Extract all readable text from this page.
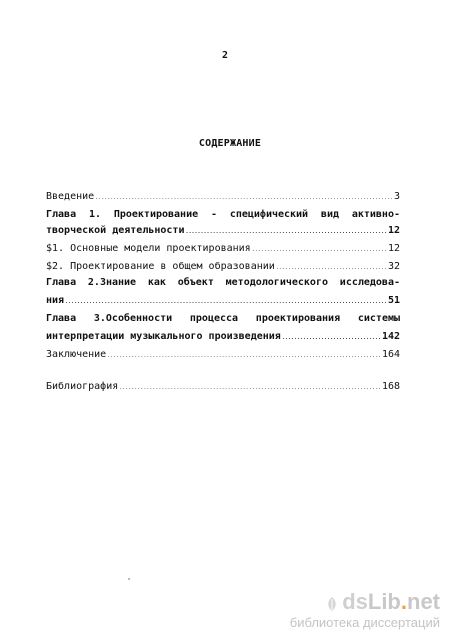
2
СОДЕРЖАНИЕ
Введение .....	3
Глава 1. Проектирование - специфический вид активно-
творческой деятельности .....	12
$1. Основные модели проектирования .....	12
$2. Проектирование в общем образовании .....	32
Глава 2.Знание как объект методологического исследова-
ния .....	51
Глава 3.Особенности процесса проектирования системы
интерпретации музыкального произведения .....	142
Заключение .....	164
Библиография .....	168
dsLib.net
библиотека диссертаций
